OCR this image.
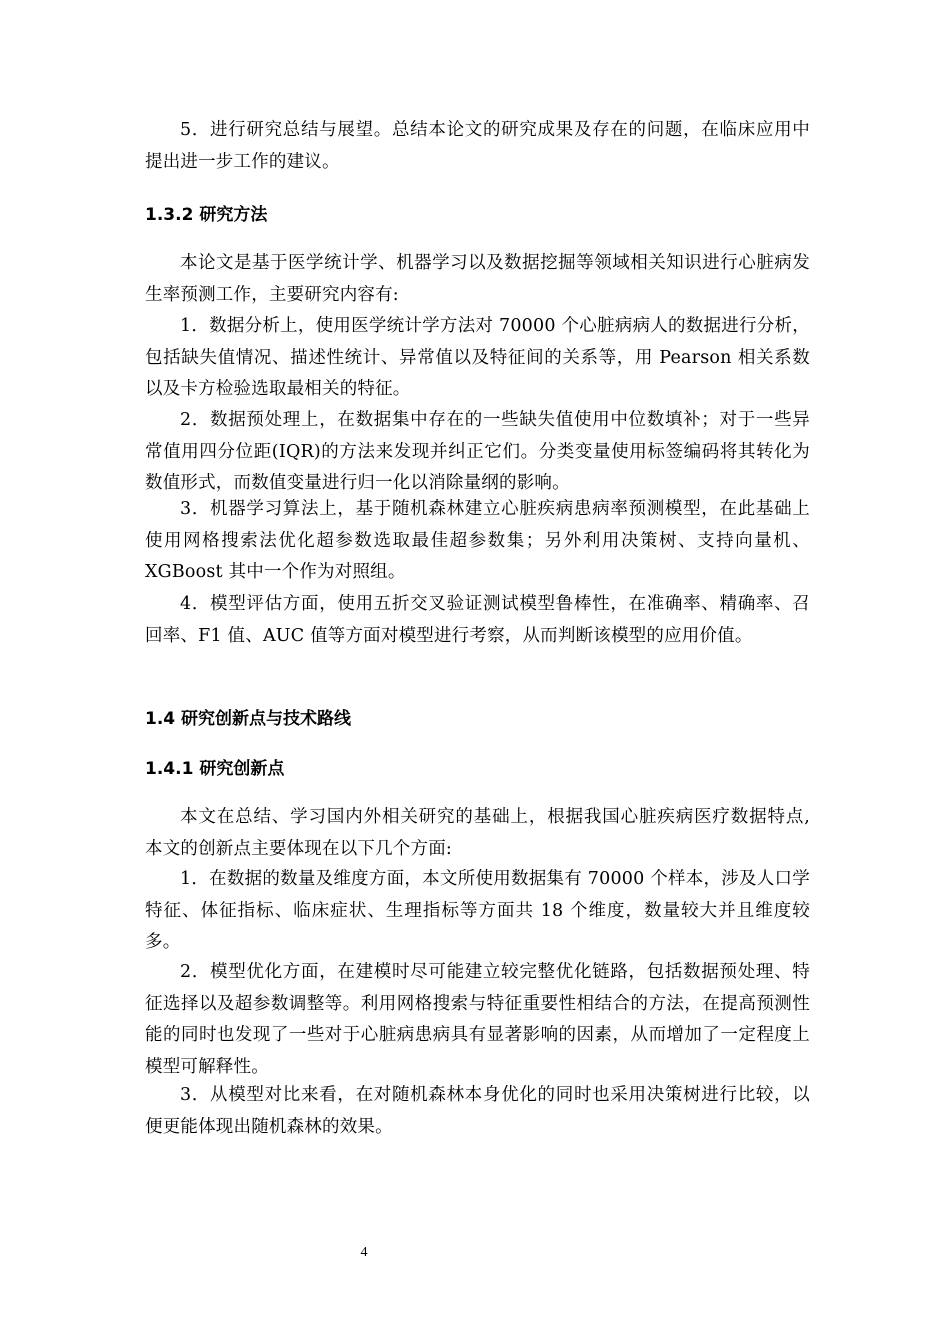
5．进行研究总结与展望。总结本论文的研究成果及存在的问题，在临床应用中提出进一步工作的建议。

1.3.2 研究方法

本论文是基于医学统计学、机器学习以及数据挖掘等领域相关知识进行心脏病发生率预测工作，主要研究内容有:

1．数据分析上，使用医学统计学方法对 70000 个心脏病病人的数据进行分析，包括缺失值情况、描述性统计、异常值以及特征间的关系等，用 Pearson 相关系数以及卡方检验选取最相关的特征。

2．数据预处理上，在数据集中存在的一些缺失值使用中位数填补；对于一些异常值用四分位距(IQR)的方法来发现并纠正它们。分类变量使用标签编码将其转化为数值形式，而数值变量进行归一化以消除量纲的影响。

3．机器学习算法上，基于随机森林建立心脏疾病患病率预测模型，在此基础上使用网格搜索法优化超参数选取最佳超参数集；另外利用决策树、支持向量机、XGBoost 其中一个作为对照组。

4．模型评估方面，使用五折交叉验证测试模型鲁棒性，在准确率、精确率、召回率、F1 值、AUC 值等方面对模型进行考察，从而判断该模型的应用价值。

1.4 研究创新点与技术路线
1.4.1 研究创新点

本文在总结、学习国内外相关研究的基础上，根据我国心脏疾病医疗数据特点, 本文的创新点主要体现在以下几个方面:

1．在数据的数量及维度方面，本文所使用数据集有 70000 个样本，涉及人口学特征、体征指标、临床症状、生理指标等方面共 18 个维度，数量较大并且维度较多。

2．模型优化方面，在建模时尽可能建立较完整优化链路，包括数据预处理、特征选择以及超参数调整等。利用网格搜索与特征重要性相结合的方法，在提高预测性能的同时也发现了一些对于心脏病患病具有显著影响的因素，从而增加了一定程度上模型可解释性。

3．从模型对比来看，在对随机森林本身优化的同时也采用决策树进行比较，以便更能体现出随机森林的效果。

4
